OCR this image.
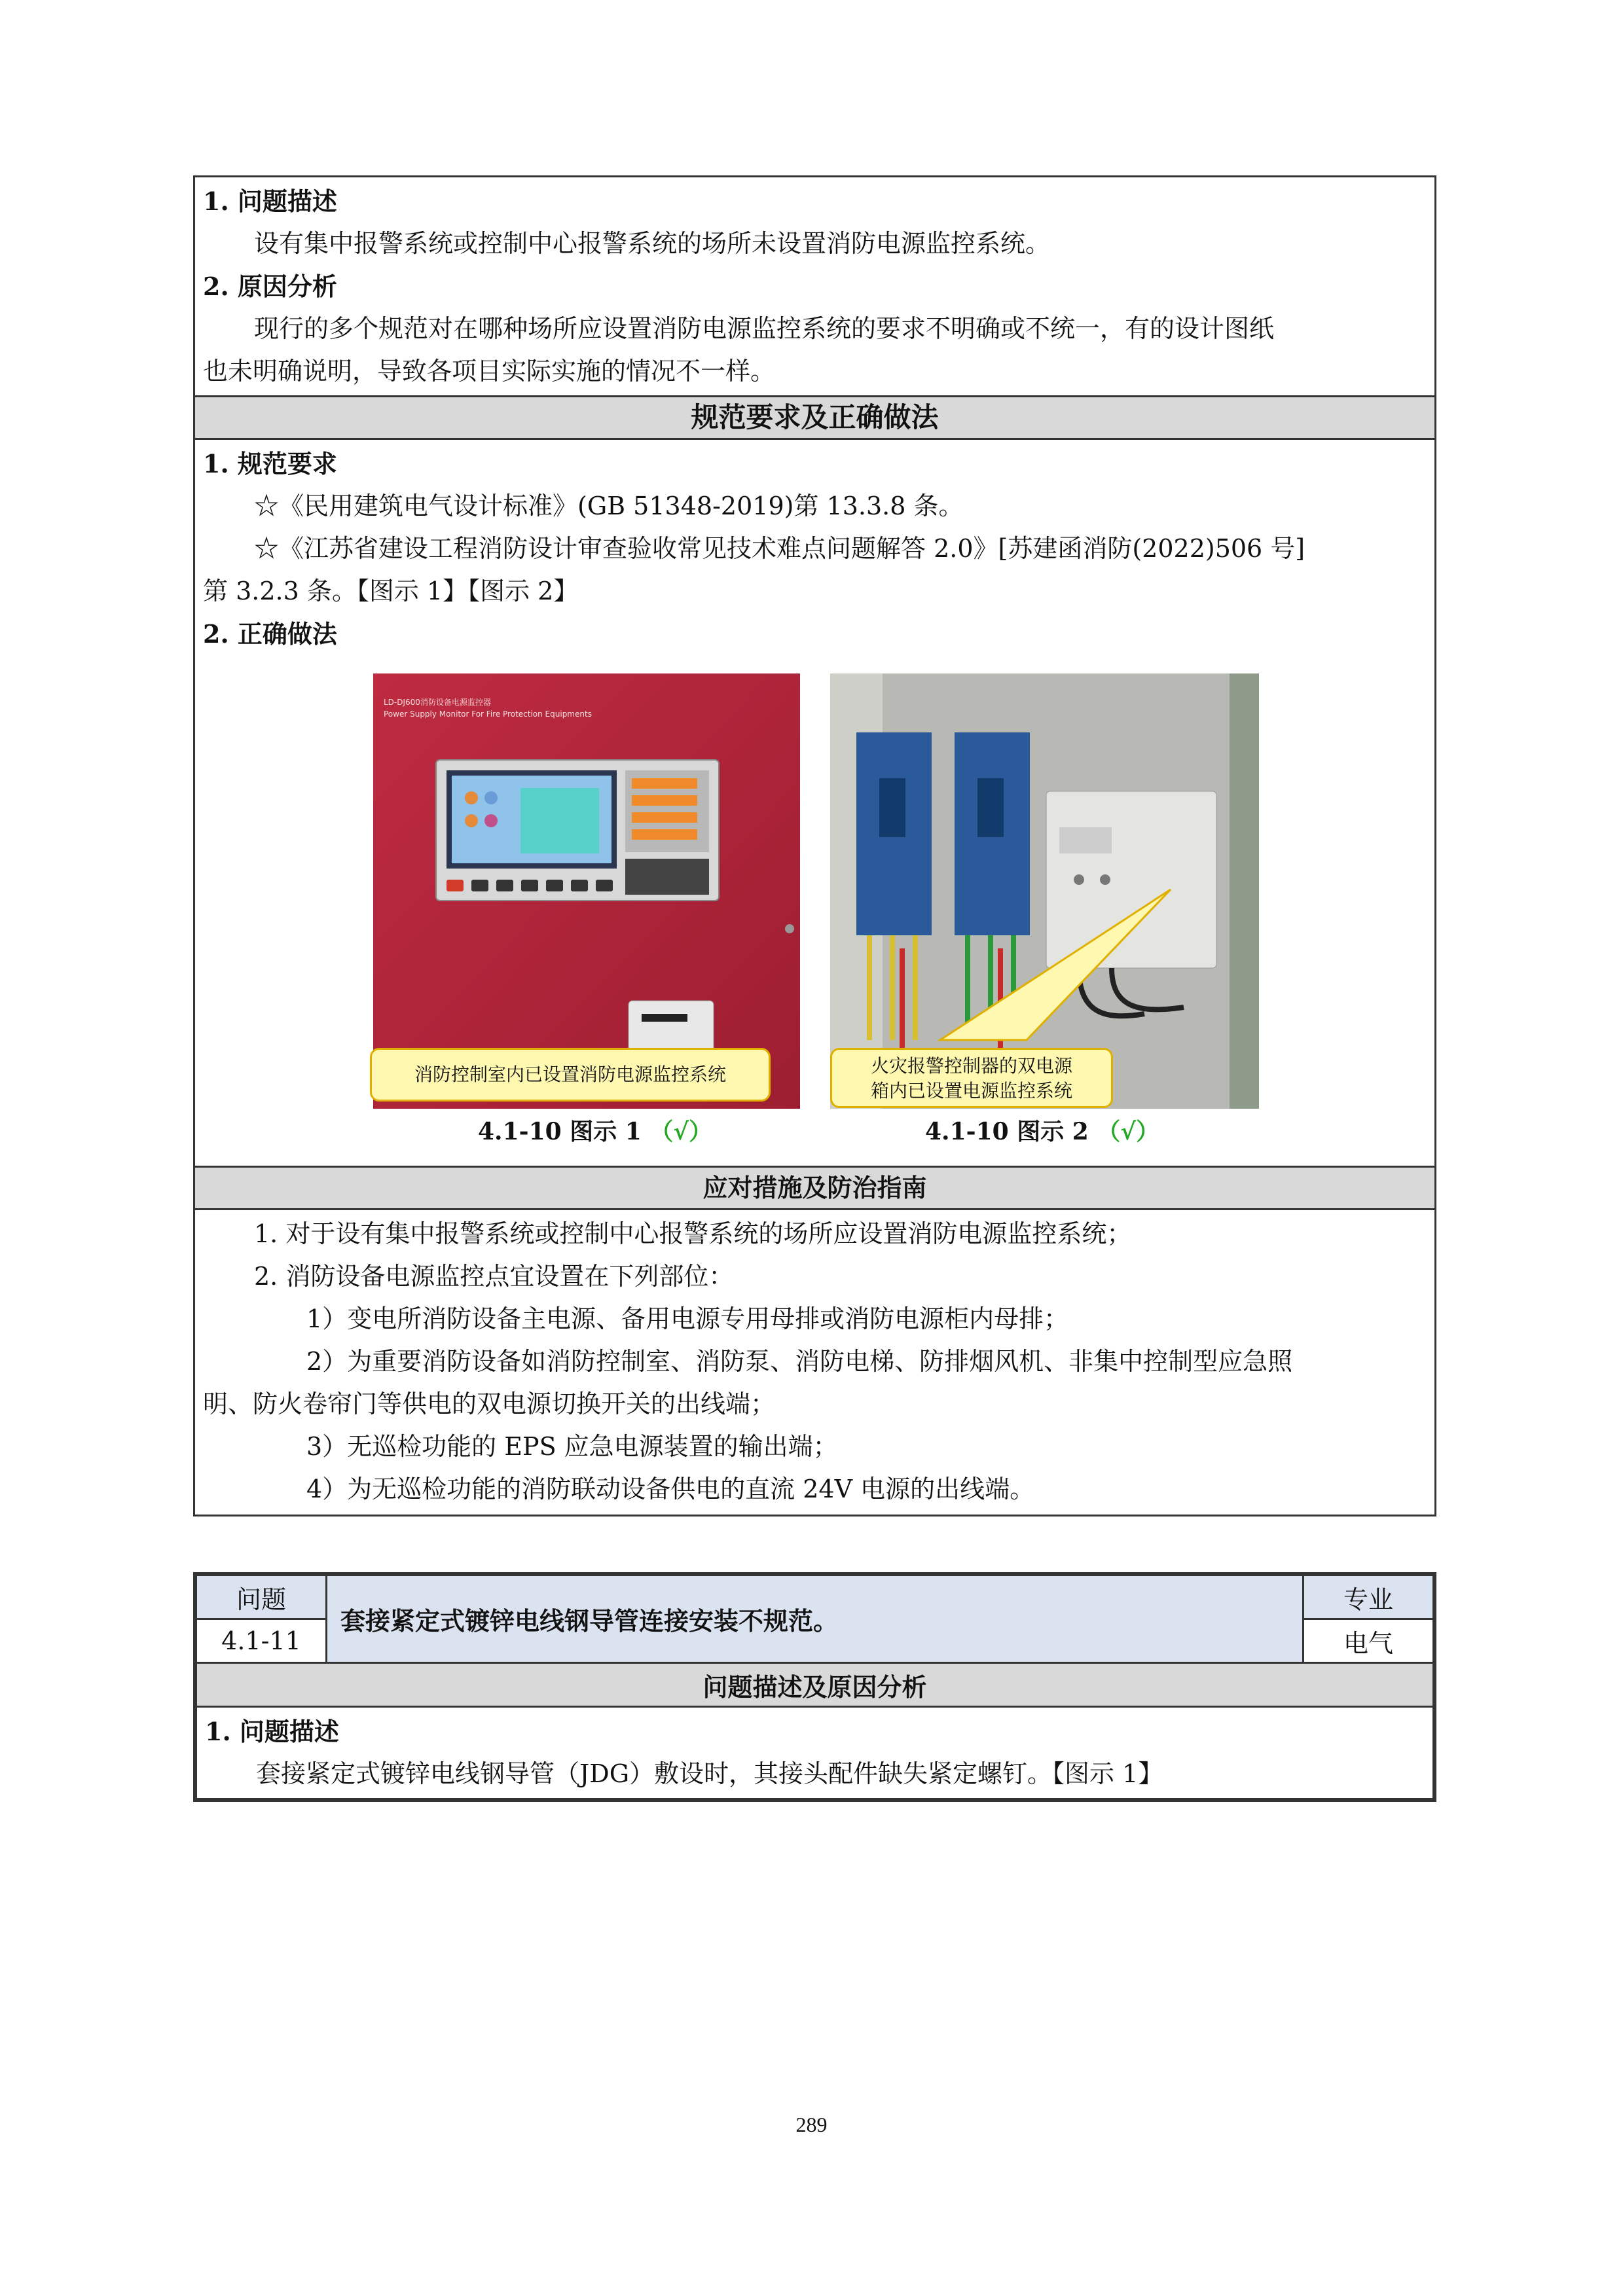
1. 问题描述

设有集中报警系统或控制中心报警系统的场所未设置消防电源监控系统。

2. 原因分析

现行的多个规范对在哪种场所应设置消防电源监控系统的要求不明确或不统一，有的设计图纸

也未明确说明，导致各项目实际实施的情况不一样。

规范要求及正确做法

1. 规范要求

☆《民用建筑电气设计标准》(GB 51348-2019)第 13.3.8 条。

☆《江苏省建设工程消防设计审查验收常见技术难点问题解答 2.0》[苏建函消防(2022)506 号]

第 3.2.3 条。【图示 1】【图示 2】

2. 正确做法

LD-DJ600消防设备电源监控器
Power Supply Monitor For Fire Protection Equipments
消防控制室内已设置消防电源监控系统
4.1-10 图示 1 （√）
火灾报警控制器的双电源
箱内已设置电源监控系统
4.1-10 图示 2 （√）

应对措施及防治指南

1. 对于设有集中报警系统或控制中心报警系统的场所应设置消防电源监控系统；

2. 消防设备电源监控点宜设置在下列部位：

1）变电所消防设备主电源、备用电源专用母排或消防电源柜内母排；

2）为重要消防设备如消防控制室、消防泵、消防电梯、防排烟风机、非集中控制型应急照

明、防火卷帘门等供电的双电源切换开关的出线端；

3）无巡检功能的 EPS 应急电源装置的输出端；

4）为无巡检功能的消防联动设备供电的直流 24V 电源的出线端。

问题	套接紧定式镀锌电线钢导管连接安装不规范。	专业
4.1-11		电气
问题描述及原因分析		

1. 问题描述

套接紧定式镀锌电线钢导管（JDG）敷设时，其接头配件缺失紧定螺钉。【图示 1】		

289
